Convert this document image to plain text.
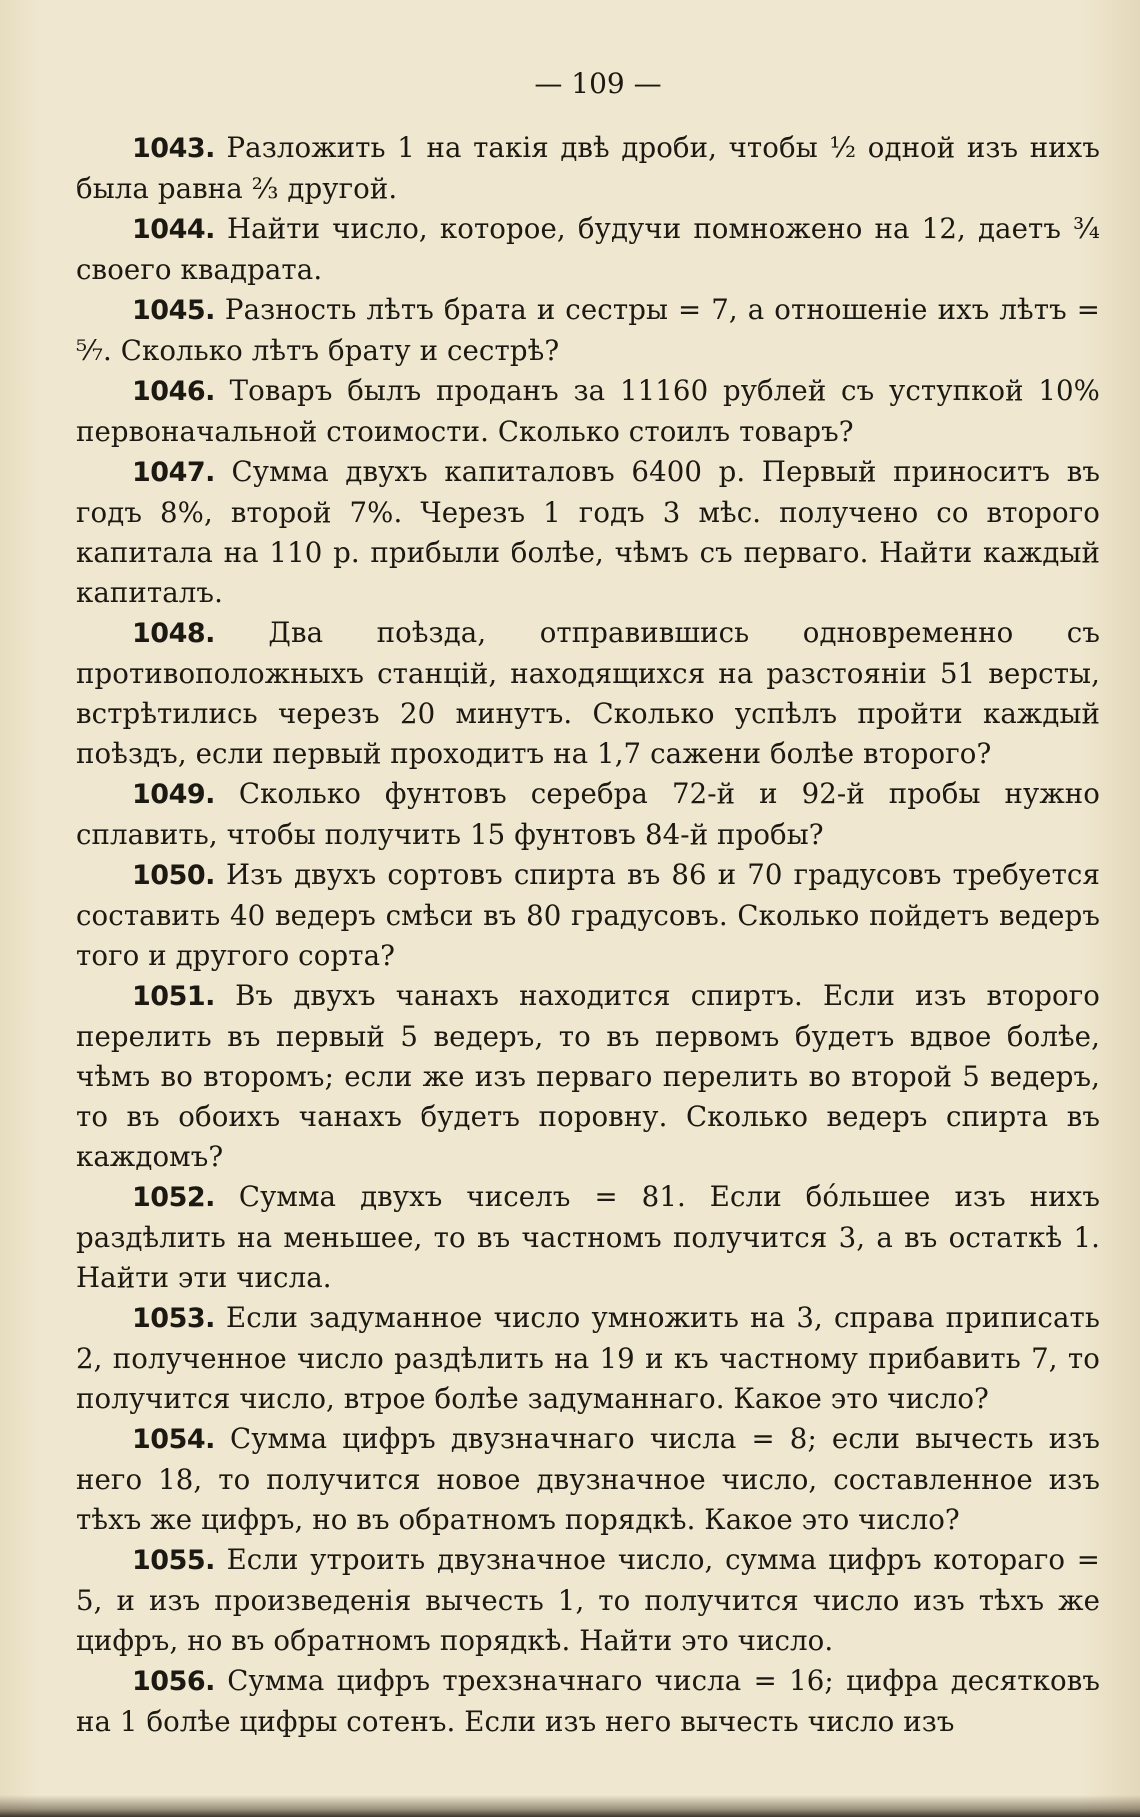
— 109 —

1043. Разложить 1 на такія двѣ дроби, чтобы ½ одной изъ нихъ была равна ⅔ другой.

1044. Найти число, которое, будучи помножено на 12, даетъ ¾ своего квадрата.

1045. Разность лѣтъ брата и сестры = 7, а отношеніе ихъ лѣтъ = ⁵⁄₇. Сколько лѣтъ брату и сестрѣ?

1046. Товаръ былъ проданъ за 11160 рублей съ уступкой 10% первоначальной стоимости. Сколько стоилъ товаръ?

1047. Сумма двухъ капиталовъ 6400 р. Первый приноситъ въ годъ 8%, второй 7%. Черезъ 1 годъ 3 мѣс. получено со второго капитала на 110 р. прибыли болѣе, чѣмъ съ перваго. Найти каждый капиталъ.

1048. Два поѣзда, отправившись одновременно съ противоположныхъ станцій, находящихся на разстояніи 51 версты, встрѣтились черезъ 20 минутъ. Сколько успѣлъ пройти каждый поѣздъ, если первый проходитъ на 1,7 сажени болѣе второго?

1049. Сколько фунтовъ серебра 72-й и 92-й пробы нужно сплавить, чтобы получить 15 фунтовъ 84-й пробы?

1050. Изъ двухъ сортовъ спирта въ 86 и 70 градусовъ требуется составить 40 ведеръ смѣси въ 80 градусовъ. Сколько пойдетъ ведеръ того и другого сорта?

1051. Въ двухъ чанахъ находится спиртъ. Если изъ второго перелить въ первый 5 ведеръ, то въ первомъ будетъ вдвое болѣе, чѣмъ во второмъ; если же изъ перваго перелить во второй 5 ведеръ, то въ обоихъ чанахъ будетъ поровну. Сколько ведеръ спирта въ каждомъ?

1052. Сумма двухъ чиселъ = 81. Если бо́льшее изъ нихъ раздѣлить на меньшее, то въ частномъ получится 3, а въ остаткѣ 1. Найти эти числа.

1053. Если задуманное число умножить на 3, справа приписать 2, полученное число раздѣлить на 19 и къ частному прибавить 7, то получится число, втрое болѣе задуманнаго. Какое это число?

1054. Сумма цифръ двузначнаго числа = 8; если вычесть изъ него 18, то получится новое двузначное число, составленное изъ тѣхъ же цифръ, но въ обратномъ порядкѣ. Какое это число?

1055. Если утроить двузначное число, сумма цифръ котораго = 5, и изъ произведенія вычесть 1, то получится число изъ тѣхъ же цифръ, но въ обратномъ порядкѣ. Найти это число.

1056. Сумма цифръ трехзначнаго числа = 16; цифра десятковъ на 1 болѣе цифры сотенъ. Если изъ него вычесть число изъ
